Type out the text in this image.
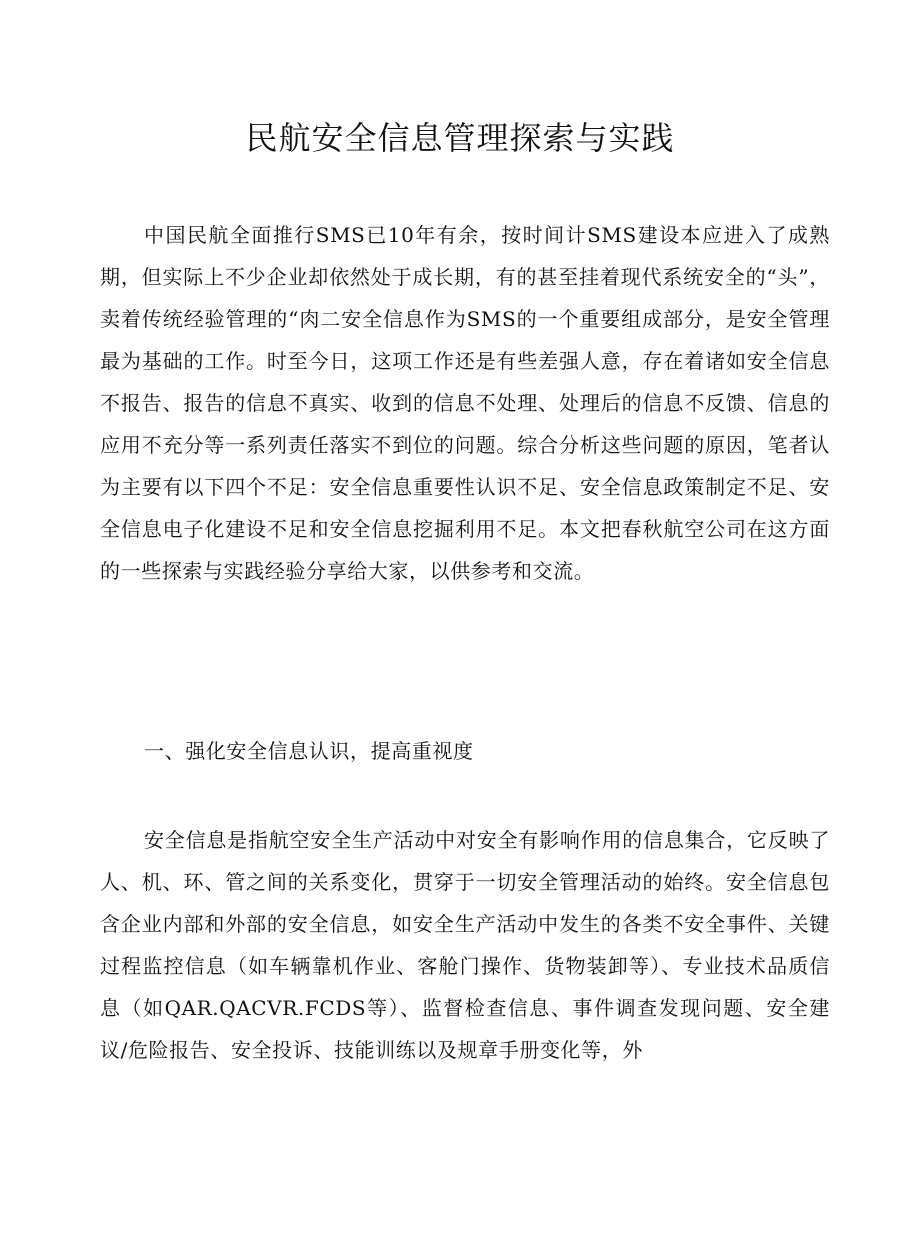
民航安全信息管理探索与实践

中国民航全面推行SMS已10年有余，按时间计SMS建设本应进入了成熟期，但实际上不少企业却依然处于成长期，有的甚至挂着现代系统安全的“头”，卖着传统经验管理的“肉二安全信息作为SMS的一个重要组成部分，是安全管理最为基础的工作。时至今日，这项工作还是有些差强人意，存在着诸如安全信息不报告、报告的信息不真实、收到的信息不处理、处理后的信息不反馈、信息的应用不充分等一系列责任落实不到位的问题。综合分析这些问题的原因，笔者认为主要有以下四个不足：安全信息重要性认识不足、安全信息政策制定不足、安全信息电子化建设不足和安全信息挖掘利用不足。本文把春秋航空公司在这方面的一些探索与实践经验分享给大家，以供参考和交流。

一、强化安全信息认识，提高重视度

安全信息是指航空安全生产活动中对安全有影响作用的信息集合，它反映了人、机、环、管之间的关系变化，贯穿于一切安全管理活动的始终。安全信息包含企业内部和外部的安全信息，如安全生产活动中发生的各类不安全事件、关键过程监控信息（如车辆靠机作业、客舱门操作、货物装卸等）、专业技术品质信息（如QAR.QACVR.FCDS等）、监督检查信息、事件调查发现问题、安全建议/危险报告、安全投诉、技能训练以及规章手册变化等，外
